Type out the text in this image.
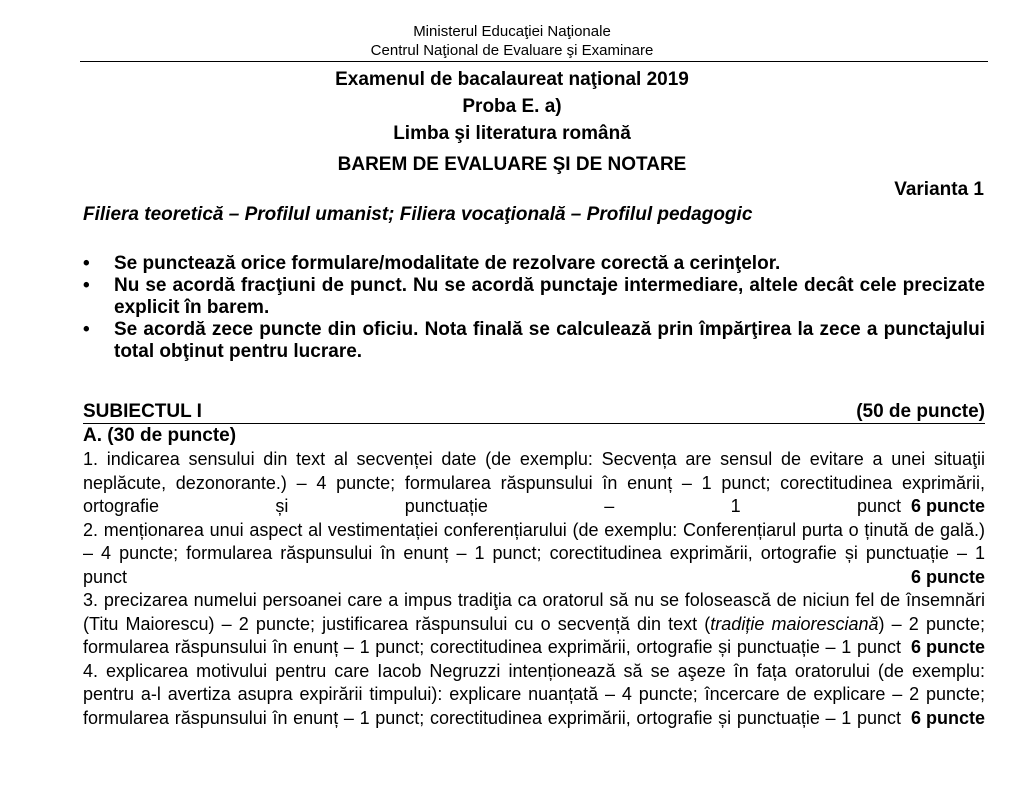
Ministerul Educaţiei Naţionale
Centrul Naţional de Evaluare şi Examinare
Examenul de bacalaureat naţional 2019
Proba E. a)
Limba şi literatura română
BAREM DE EVALUARE ŞI DE NOTARE
Varianta 1
Filiera teoretică – Profilul umanist; Filiera vocaţională – Profilul pedagogic
• Se punctează orice formulare/modalitate de rezolvare corectă a cerinţelor.
• Nu se acordă fracţiuni de punct. Nu se acordă punctaje intermediare, altele decât cele precizate explicit în barem.
• Se acordă zece puncte din oficiu. Nota finală se calculează prin împărţirea la zece a punctajului total obţinut pentru lucrare.
SUBIECTUL I	(50 de puncte)
A. (30 de puncte)
1. indicarea sensului din text al secvenței date (de exemplu: Secvența are sensul de evitare a unei situaţii neplăcute, dezonorante.) – 4 puncte; formularea răspunsului în enunț – 1 punct; corectitudinea exprimării, ortografie și punctuație – 1 punct 6 puncte
2. menționarea unui aspect al vestimentației conferențiarului (de exemplu: Conferențiarul purta o ținută de gală.) – 4 puncte; formularea răspunsului în enunț – 1 punct; corectitudinea exprimării, ortografie și punctuație – 1 punct	6 puncte
3. precizarea numelui persoanei care a impus tradiţia ca oratorul să nu se folosească de niciun fel de însemnări (Titu Maiorescu) – 2 puncte; justificarea răspunsului cu o secvență din text (tradiție maioresciană) – 2 puncte; formularea răspunsului în enunț – 1 punct; corectitudinea exprimării, ortografie și punctuație – 1 punct 6 puncte
4. explicarea motivului pentru care Iacob Negruzzi intenționează să se aşeze în fața oratorului (de exemplu: pentru a-l avertiza asupra expirării timpului): explicare nuanțată – 4 puncte; încercare de explicare – 2 puncte; formularea răspunsului în enunț – 1 punct; corectitudinea exprimării, ortografie și punctuație – 1 punct 6 puncte
